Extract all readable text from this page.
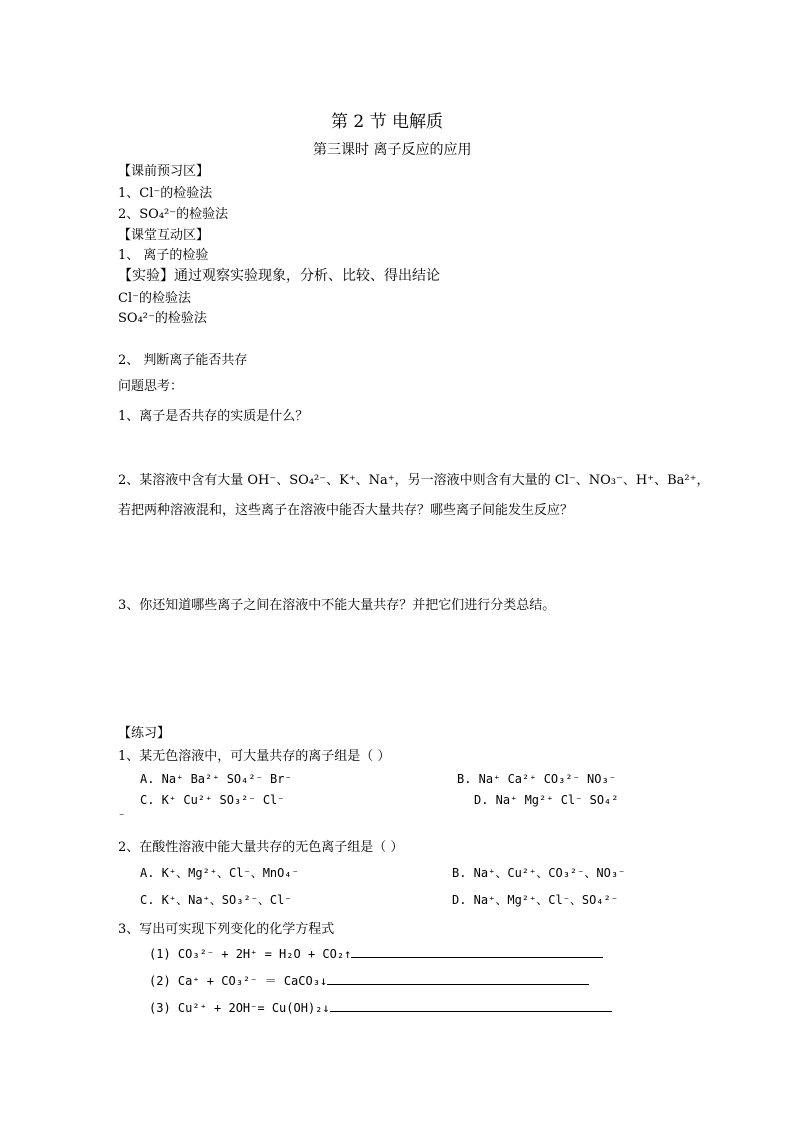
第 2 节 电解质
第三课时 离子反应的应用
【课前预习区】
1、Cl⁻的检验法
2、SO₄²⁻的检验法
【课堂互动区】
1、 离子的检验
【实验】通过观察实验现象，分析、比较、得出结论
Cl⁻的检验法
SO₄²⁻的检验法
2、 判断离子能否共存
问题思考：
1、离子是否共存的实质是什么？
2、某溶液中含有大量 OH⁻、SO₄²⁻、K⁺、Na⁺，另一溶液中则含有大量的 Cl⁻、NO₃⁻、H⁺、Ba²⁺，
若把两种溶液混和，这些离子在溶液中能否大量共存？哪些离子间能发生反应？
3、你还知道哪些离子之间在溶液中不能大量共存？并把它们进行分类总结。
【练习】
1、某无色溶液中，可大量共存的离子组是（ ）
A. Na⁺ Ba²⁺ SO₄²⁻ Br⁻	B. Na⁺ Ca²⁺ CO₃²⁻ NO₃⁻
C. K⁺ Cu²⁺ SO₃²⁻ Cl⁻	D. Na⁺ Mg²⁺ Cl⁻ SO₄²
⁻
2、在酸性溶液中能大量共存的无色离子组是（ ）
A. K⁺、Mg²⁺、Cl⁻、MnO₄⁻	B. Na⁺、Cu²⁺、CO₃²⁻、NO₃⁻
C. K⁺、Na⁺、SO₃²⁻、Cl⁻	D. Na⁺、Mg²⁺、Cl⁻、SO₄²⁻
3、写出可实现下列变化的化学方程式
(1) CO₃²⁻ + 2H⁺ = H₂O + CO₂↑
(2) Ca⁺ + CO₃²⁻ ＝ CaCO₃↓
(3) Cu²⁺ + 2OH⁻= Cu(OH)₂↓
